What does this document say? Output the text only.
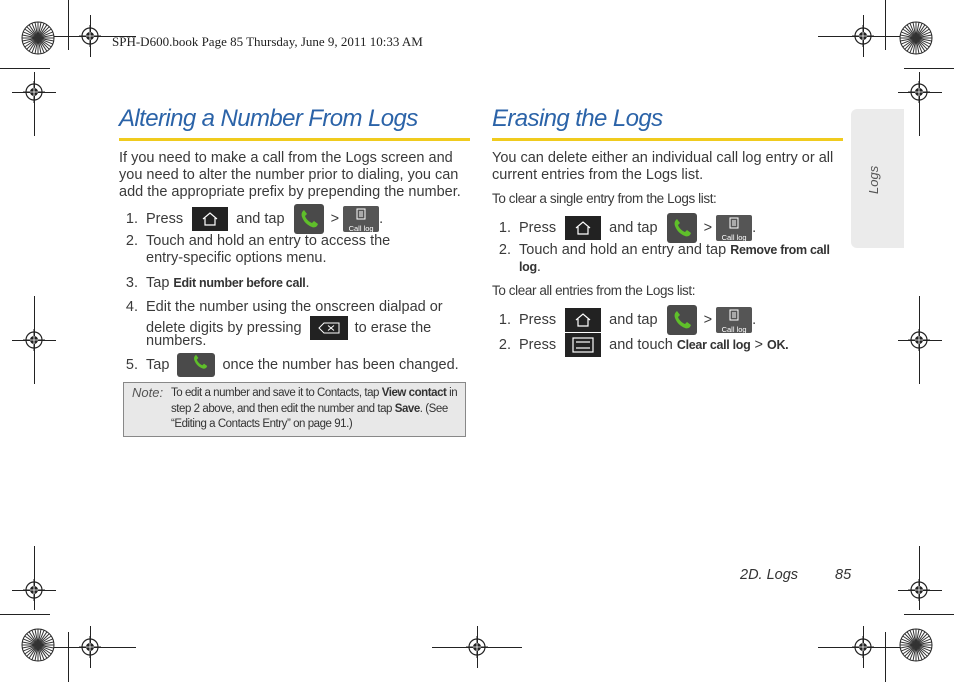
SPH-D600.book Page 85 Thursday, June 9, 2011 10:33 AM
Altering a Number From Logs
If you need to make a call from the Logs screen and you need to alter the number prior to dialing, you can add the appropriate prefix by prepending the number.
1. Press	and tap	>
Call log.
2. Touch and hold an entry to access the
entry-specific options menu.
3. Tap Edit number before call.
4. Edit the number using the onscreen dialpad or
delete digits by pressing	to erase the
numbers.
5. Tap	once the number has been changed.
Note: To edit a number and save it to Contacts, tap View contact in step 2 above, and then edit the number and tap Save. (See “Editing a Contacts Entry” on page 91.)
Erasing the Logs
You can delete either an individual call log entry or all current entries from the Logs list.
To clear a single entry from the Logs list:
1. Press	and tap	>
Call log.
2. Touch and hold an entry and tap Remove from call
log.
To clear all entries from the Logs list:
1. Press	and tap	>
Call log.
2. Press	and touch Clear call log > OK.
Logs
2D. Logs	85
